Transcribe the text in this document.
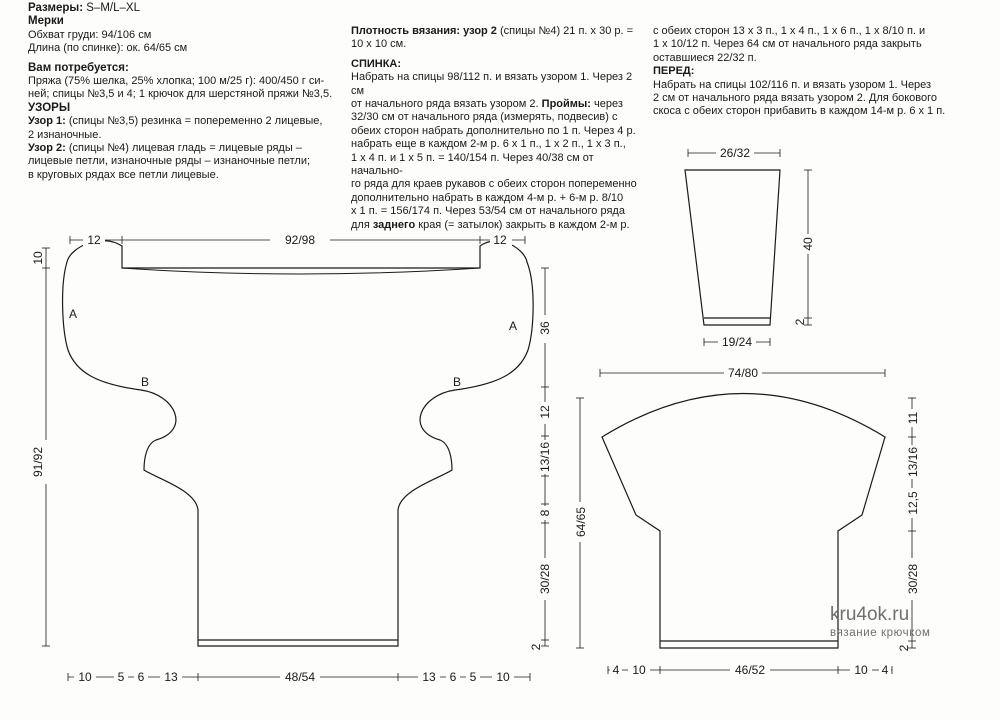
Размеры: S–M/L–XL

Мерки

Обхват груди: 94/106 см

Длина (по спинке): ок. 64/65 см

Вам потребуется:

Пряжа (75% шелка, 25% хлопка; 100 м/25 г): 400/450 г си-

ней; спицы №3,5 и 4; 1 крючок для шерстяной пряжи №3,5.

УЗОРЫ

Узор 1: (спицы №3,5) резинка = попеременно 2 лицевые,

2 изнаночные.

Узор 2: (спицы №4) лицевая гладь = лицевые ряды –

лицевые петли, изнаночные ряды – изнаночные петли;

в круговых рядах все петли лицевые.

Плотность вязания: узор 2 (спицы №4) 21 п. х 30 р. =

10 х 10 см.

СПИНКА:

Набрать на спицы 98/112 п. и вязать узором 1. Через 2 см

от начального ряда вязать узором 2. Проймы: через

32/30 см от начального ряда (измерять, подвесив) с

обеих сторон набрать дополнительно по 1 п. Через 4 р.

набрать еще в каждом 2-м р. 6 х 1 п., 1 х 2 п., 1 х 3 п.,

1 х 4 п. и 1 х 5 п. = 140/154 п. Через 40/38 см от начально-

го ряда для краев рукавов с обеих сторон попеременно

дополнительно набрать в каждом 4-м р. + 6-м р. 8/10

х 1 п. = 156/174 п. Через 53/54 см от начального ряда

для заднего края (= затылок) закрыть в каждом 2-м р.

с обеих сторон 13 х 3 п., 1 х 4 п., 1 х 6 п., 1 х 8/10 п. и

1 х 10/12 п. Через 64 см от начального ряда закрыть

оставшиеся 22/32 п.

ПЕРЕД:

Набрать на спицы 102/116 п. и вязать узором 1. Через

2 см от начального ряда вязать узором 2. Для бокового

скоса с обеих сторон прибавить в каждом 14-м р. 6 х 1 п.

12	92/98	12
10
91/92
A
A
B	B
36
12
13/16
8
30/28
2
10 5 6 13	48/54	13 6 5 10
26/32
40
2
19/24
74/80
64/65
11
13/16
12,5
30/28
2
4 10	46/52	10 4
kru4ok.ru
вязание крючком
